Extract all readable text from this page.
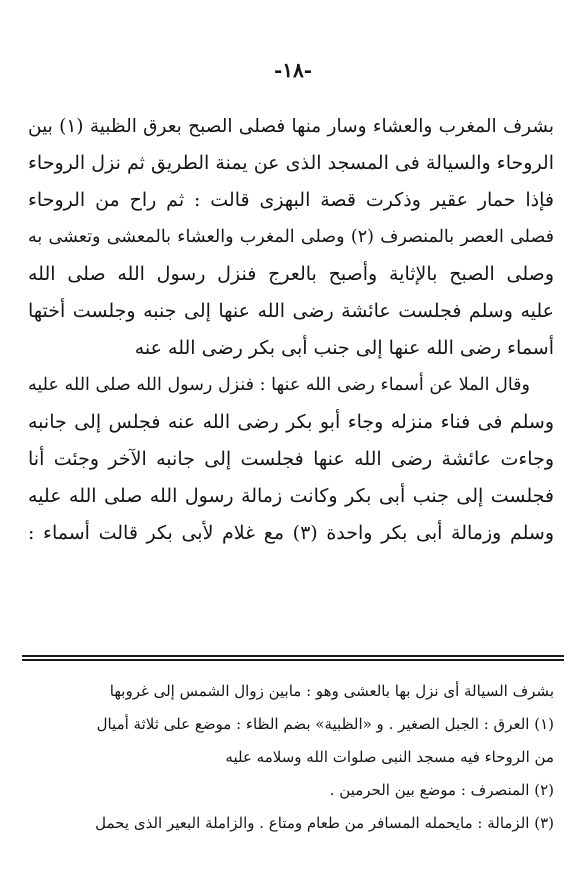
-١٨-
بشرف المغرب والعشاء وسار منها فصلى الصبح بعرق الظبية (١) بين
الروحاء والسيالة فى المسجد الذى عن يمنة الطريق ثم نزل الروحاء
فإذا حمار عقير وذكرت قصة البهزى قالت : ثم راح من الروحاء
فصلى العصر بالمنصرف (٢) وصلى المغرب والعشاء بالمعشى وتعشى به
وصلى الصبح بالإثاية وأصبح بالعرج فنزل رسول الله صلى الله
عليه وسلم فجلست عائشة رضى الله عنها إلى جنبه وجلست أختها
أسماء رضى الله عنها إلى جنب أبى بكر رضى الله عنه
وقال الملا عن أسماء رضى الله عنها : فنزل رسول الله صلى الله عليه
وسلم فى فناء منزله وجاء أبو بكر رضى الله عنه فجلس إلى جانبه
وجاءت عائشة رضى الله عنها فجلست إلى جانبه الآخر وجئت أنا
فجلست إلى جنب أبى بكر وكانت زمالة رسول الله صلى الله عليه
وسلم وزمالة أبى بكر واحدة (٣) مع غلام لأبى بكر قالت أسماء :
بشرف السيالة أى نزل بها بالعشى وهو : مابين زوال الشمس إلى غروبها
(١) العرق : الجبل الصغير . و «الظبية» بضم الظاء : موضع على ثلاثة أميال
من الروحاء فيه مسجد النبى صلوات الله وسلامه عليه
(٢) المنصرف : موضع بين الحرمين .
(٣) الزمالة : مايحمله المسافر من طعام ومتاع . والزاملة البعير الذى يحمل
